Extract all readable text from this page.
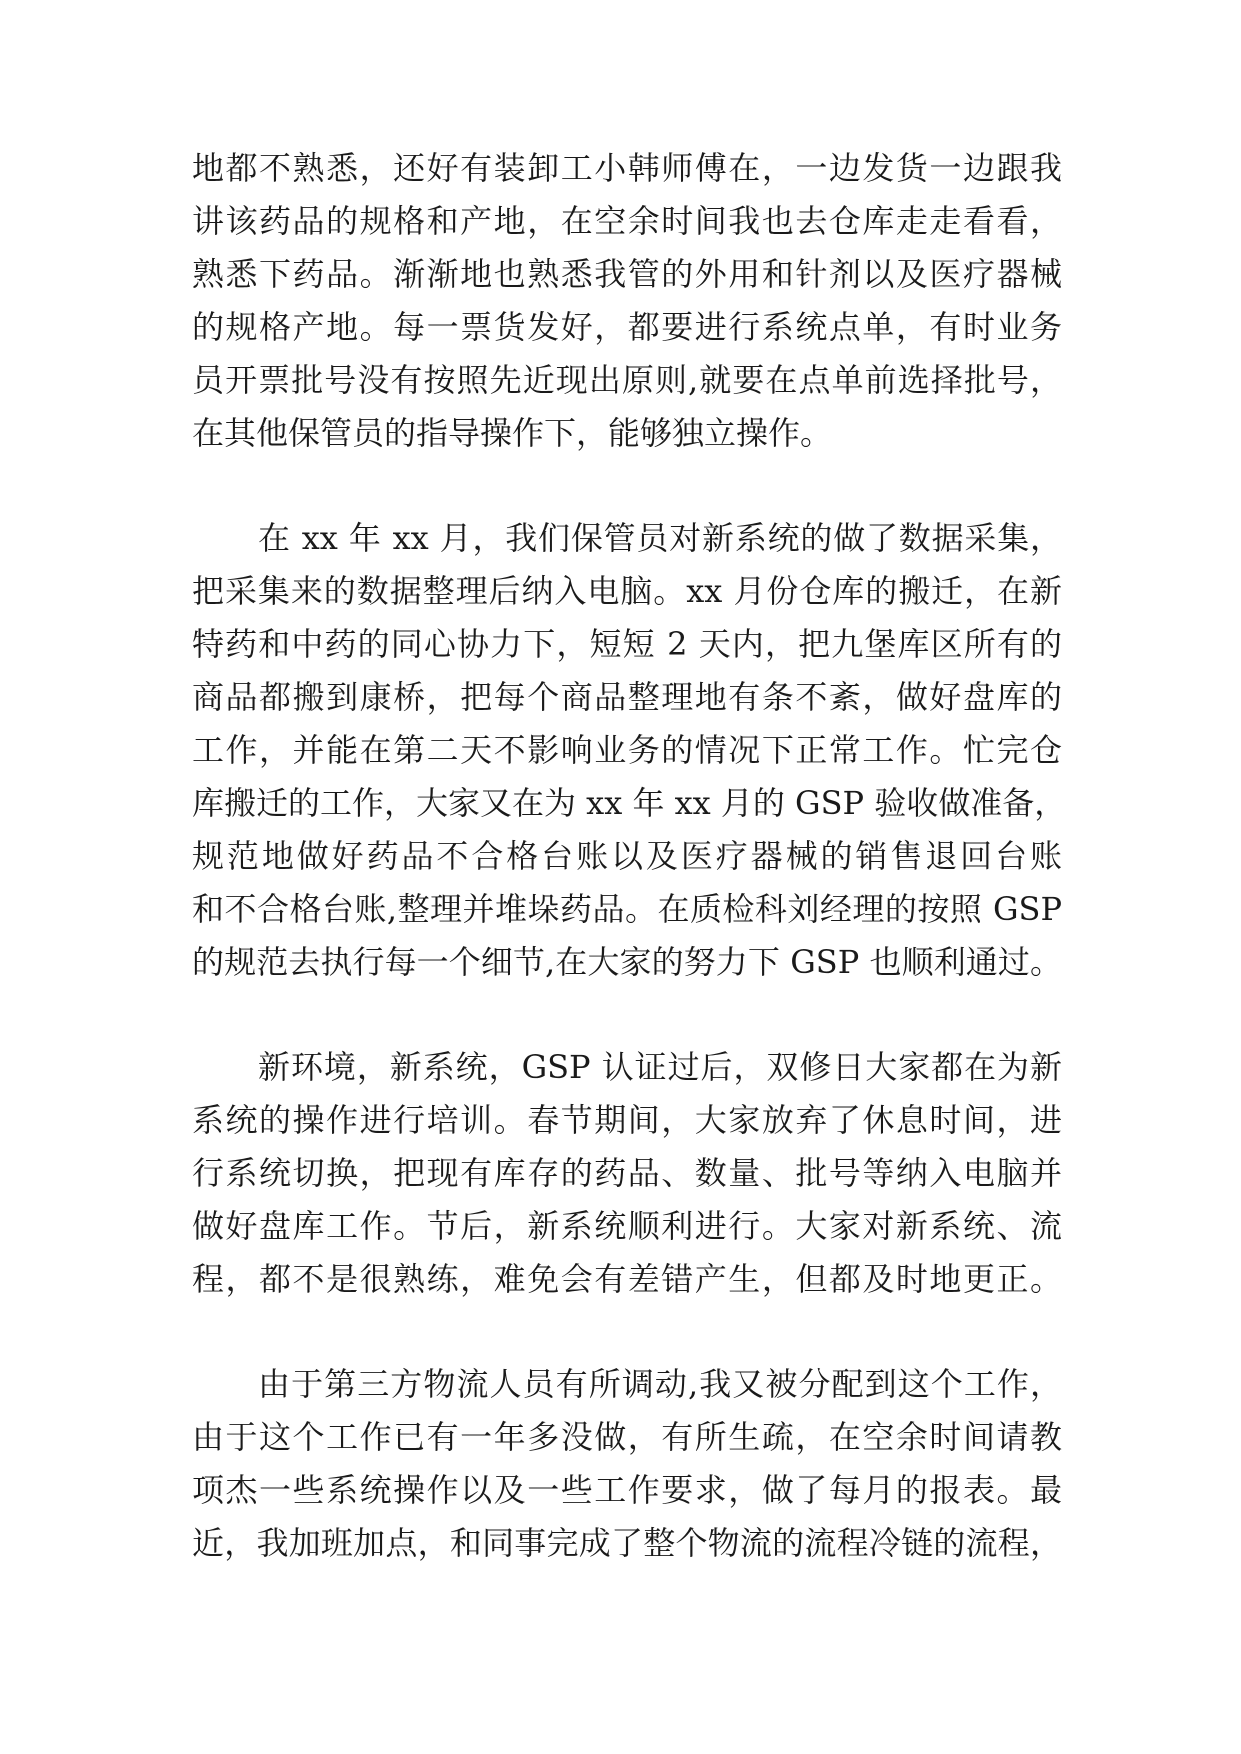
地都不熟悉，还好有装卸工小韩师傅在，一边发货一边跟我
讲该药品的规格和产地，在空余时间我也去仓库走走看看，
熟悉下药品。渐渐地也熟悉我管的外用和针剂以及医疗器械
的规格产地。每一票货发好，都要进行系统点单，有时业务
员开票批号没有按照先近现出原则,就要在点单前选择批号，
在其他保管员的指导操作下，能够独立操作。
在 xx 年 xx 月，我们保管员对新系统的做了数据采集，
把采集来的数据整理后纳入电脑。xx 月份仓库的搬迁，在新
特药和中药的同心协力下，短短 2 天内，把九堡库区所有的
商品都搬到康桥，把每个商品整理地有条不紊，做好盘库的
工作，并能在第二天不影响业务的情况下正常工作。忙完仓
库搬迁的工作，大家又在为 xx 年 xx 月的 GSP 验收做准备，
规范地做好药品不合格台账以及医疗器械的销售退回台账
和不合格台账,整理并堆垛药品。在质检科刘经理的按照 GSP
的规范去执行每一个细节,在大家的努力下 GSP 也顺利通过。
新环境，新系统，GSP 认证过后，双修日大家都在为新
系统的操作进行培训。春节期间，大家放弃了休息时间，进
行系统切换，把现有库存的药品、数量、批号等纳入电脑并
做好盘库工作。节后，新系统顺利进行。大家对新系统、流
程，都不是很熟练，难免会有差错产生，但都及时地更正。
由于第三方物流人员有所调动,我又被分配到这个工作，
由于这个工作已有一年多没做，有所生疏，在空余时间请教
项杰一些系统操作以及一些工作要求，做了每月的报表。最
近，我加班加点，和同事完成了整个物流的流程冷链的流程，
